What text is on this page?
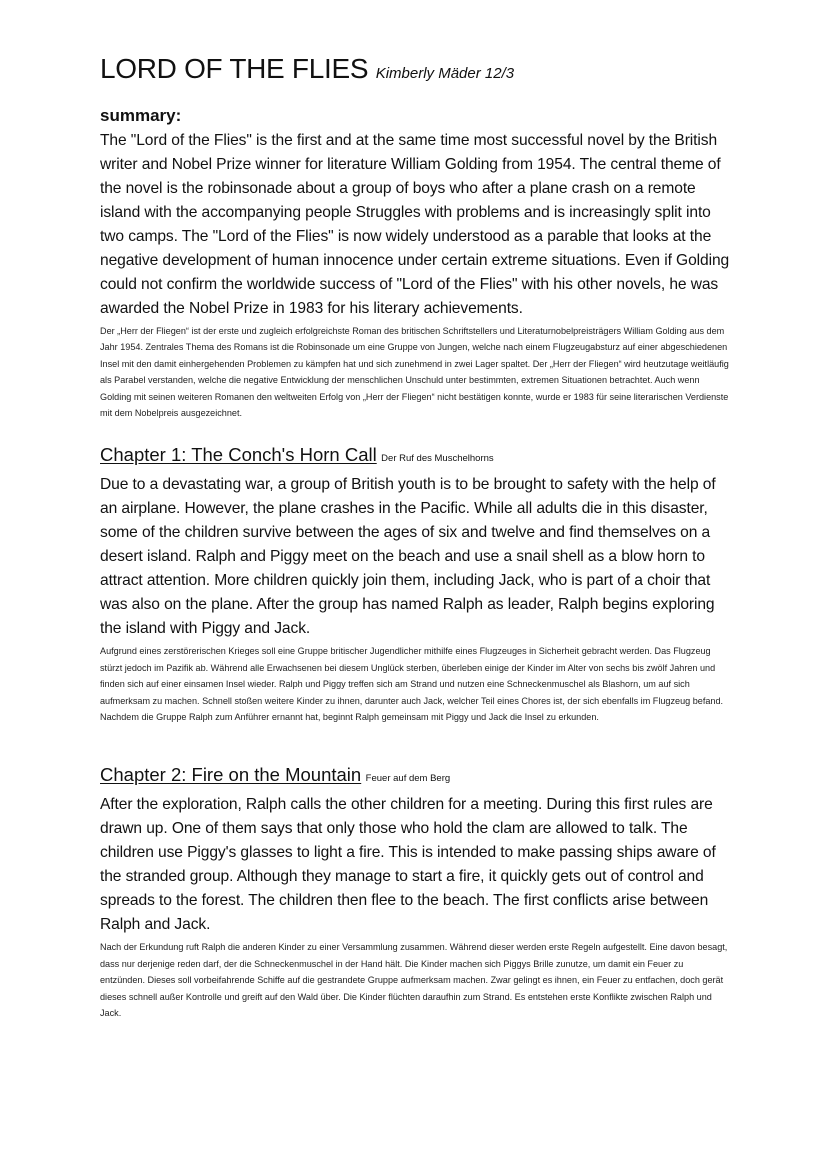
LORD OF THE FLIES Kimberly Mäder 12/3

summary:

The "Lord of the Flies" is the first and at the same time most successful novel by the British writer and Nobel Prize winner for literature William Golding from 1954. The central theme of the novel is the robinsonade about a group of boys who after a plane crash on a remote island with the accompanying people Struggles with problems and is increasingly split into two camps. The "Lord of the Flies" is now widely understood as a parable that looks at the negative development of human innocence under certain extreme situations. Even if Golding could not confirm the worldwide success of "Lord of the Flies" with his other novels, he was awarded the Nobel Prize in 1983 for his literary achievements.

Der „Herr der Fliegen“ ist der erste und zugleich erfolgreichste Roman des britischen Schriftstellers und Literaturnobelpreisträgers William Golding aus dem Jahr 1954. Zentrales Thema des Romans ist die Robinsonade um eine Gruppe von Jungen, welche nach einem Flugzeugabsturz auf einer abgeschiedenen Insel mit den damit einhergehenden Problemen zu kämpfen hat und sich zunehmend in zwei Lager spaltet. Der „Herr der Fliegen“ wird heutzutage weitläufig als Parabel verstanden, welche die negative Entwicklung der menschlichen Unschuld unter bestimmten, extremen Situationen betrachtet. Auch wenn Golding mit seinen weiteren Romanen den weltweiten Erfolg von „Herr der Fliegen“ nicht bestätigen konnte, wurde er 1983 für seine literarischen Verdienste mit dem Nobelpreis ausgezeichnet.

Chapter 1: The Conch's Horn Call Der Ruf des Muschelhorns

Due to a devastating war, a group of British youth is to be brought to safety with the help of an airplane. However, the plane crashes in the Pacific. While all adults die in this disaster, some of the children survive between the ages of six and twelve and find themselves on a desert island. Ralph and Piggy meet on the beach and use a snail shell as a blow horn to attract attention. More children quickly join them, including Jack, who is part of a choir that was also on the plane. After the group has named Ralph as leader, Ralph begins exploring the island with Piggy and Jack.

Aufgrund eines zerstörerischen Krieges soll eine Gruppe britischer Jugendlicher mithilfe eines Flugzeuges in Sicherheit gebracht werden. Das Flugzeug stürzt jedoch im Pazifik ab. Während alle Erwachsenen bei diesem Unglück sterben, überleben einige der Kinder im Alter von sechs bis zwölf Jahren und finden sich auf einer einsamen Insel wieder. Ralph und Piggy treffen sich am Strand und nutzen eine Schneckenmuschel als Blashorn, um auf sich aufmerksam zu machen. Schnell stoßen weitere Kinder zu ihnen, darunter auch Jack, welcher Teil eines Chores ist, der sich ebenfalls im Flugzeug befand. Nachdem die Gruppe Ralph zum Anführer ernannt hat, beginnt Ralph gemeinsam mit Piggy und Jack die Insel zu erkunden.

Chapter 2: Fire on the Mountain Feuer auf dem Berg

After the exploration, Ralph calls the other children for a meeting. During this first rules are drawn up. One of them says that only those who hold the clam are allowed to talk. The children use Piggy's glasses to light a fire. This is intended to make passing ships aware of the stranded group. Although they manage to start a fire, it quickly gets out of control and spreads to the forest. The children then flee to the beach. The first conflicts arise between Ralph and Jack.

Nach der Erkundung ruft Ralph die anderen Kinder zu einer Versammlung zusammen. Während dieser werden erste Regeln aufgestellt. Eine davon besagt, dass nur derjenige reden darf, der die Schneckenmuschel in der Hand hält. Die Kinder machen sich Piggys Brille zunutze, um damit ein Feuer zu entzünden. Dieses soll vorbeifahrende Schiffe auf die gestrandete Gruppe aufmerksam machen. Zwar gelingt es ihnen, ein Feuer zu entfachen, doch gerät dieses schnell außer Kontrolle und greift auf den Wald über. Die Kinder flüchten daraufhin zum Strand. Es entstehen erste Konflikte zwischen Ralph und Jack.
